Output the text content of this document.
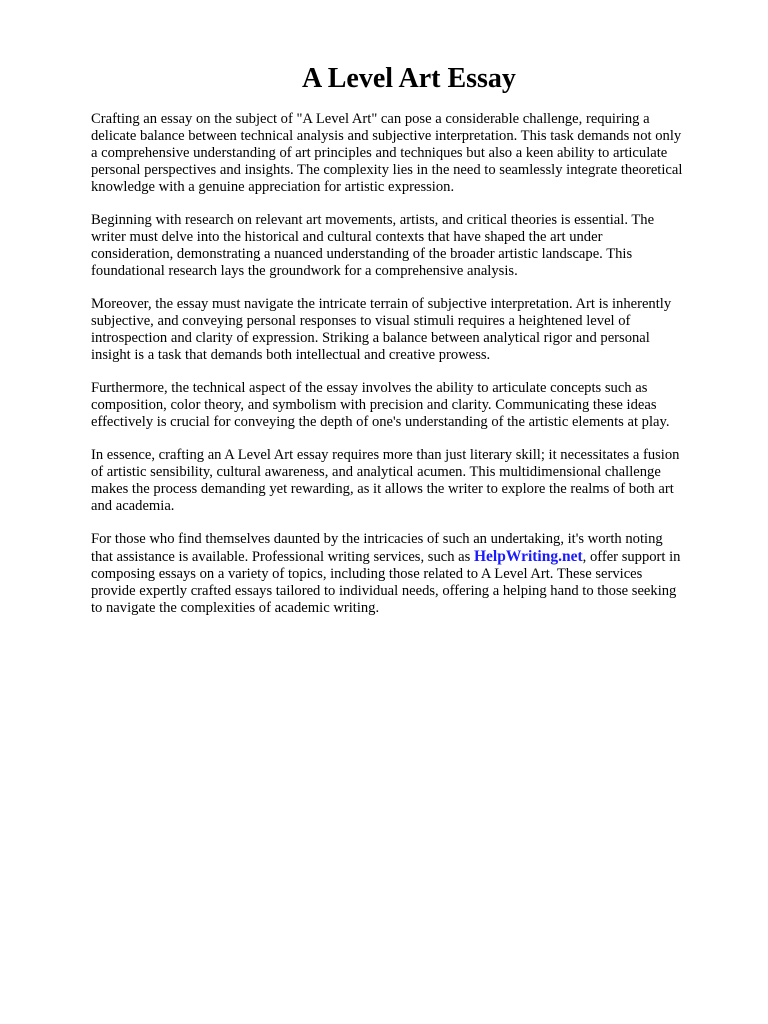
A Level Art Essay

Crafting an essay on the subject of "A Level Art" can pose a considerable challenge, requiring a
delicate balance between technical analysis and subjective interpretation. This task demands not only
a comprehensive understanding of art principles and techniques but also a keen ability to articulate
personal perspectives and insights. The complexity lies in the need to seamlessly integrate theoretical
knowledge with a genuine appreciation for artistic expression.

Beginning with research on relevant art movements, artists, and critical theories is essential. The
writer must delve into the historical and cultural contexts that have shaped the art under
consideration, demonstrating a nuanced understanding of the broader artistic landscape. This
foundational research lays the groundwork for a comprehensive analysis.

Moreover, the essay must navigate the intricate terrain of subjective interpretation. Art is inherently
subjective, and conveying personal responses to visual stimuli requires a heightened level of
introspection and clarity of expression. Striking a balance between analytical rigor and personal
insight is a task that demands both intellectual and creative prowess.

Furthermore, the technical aspect of the essay involves the ability to articulate concepts such as
composition, color theory, and symbolism with precision and clarity. Communicating these ideas
effectively is crucial for conveying the depth of one's understanding of the artistic elements at play.

In essence, crafting an A Level Art essay requires more than just literary skill; it necessitates a fusion
of artistic sensibility, cultural awareness, and analytical acumen. This multidimensional challenge
makes the process demanding yet rewarding, as it allows the writer to explore the realms of both art
and academia.

For those who find themselves daunted by the intricacies of such an undertaking, it's worth noting
that assistance is available. Professional writing services, such as HelpWriting.net, offer support in
composing essays on a variety of topics, including those related to A Level Art. These services
provide expertly crafted essays tailored to individual needs, offering a helping hand to those seeking
to navigate the complexities of academic writing.
